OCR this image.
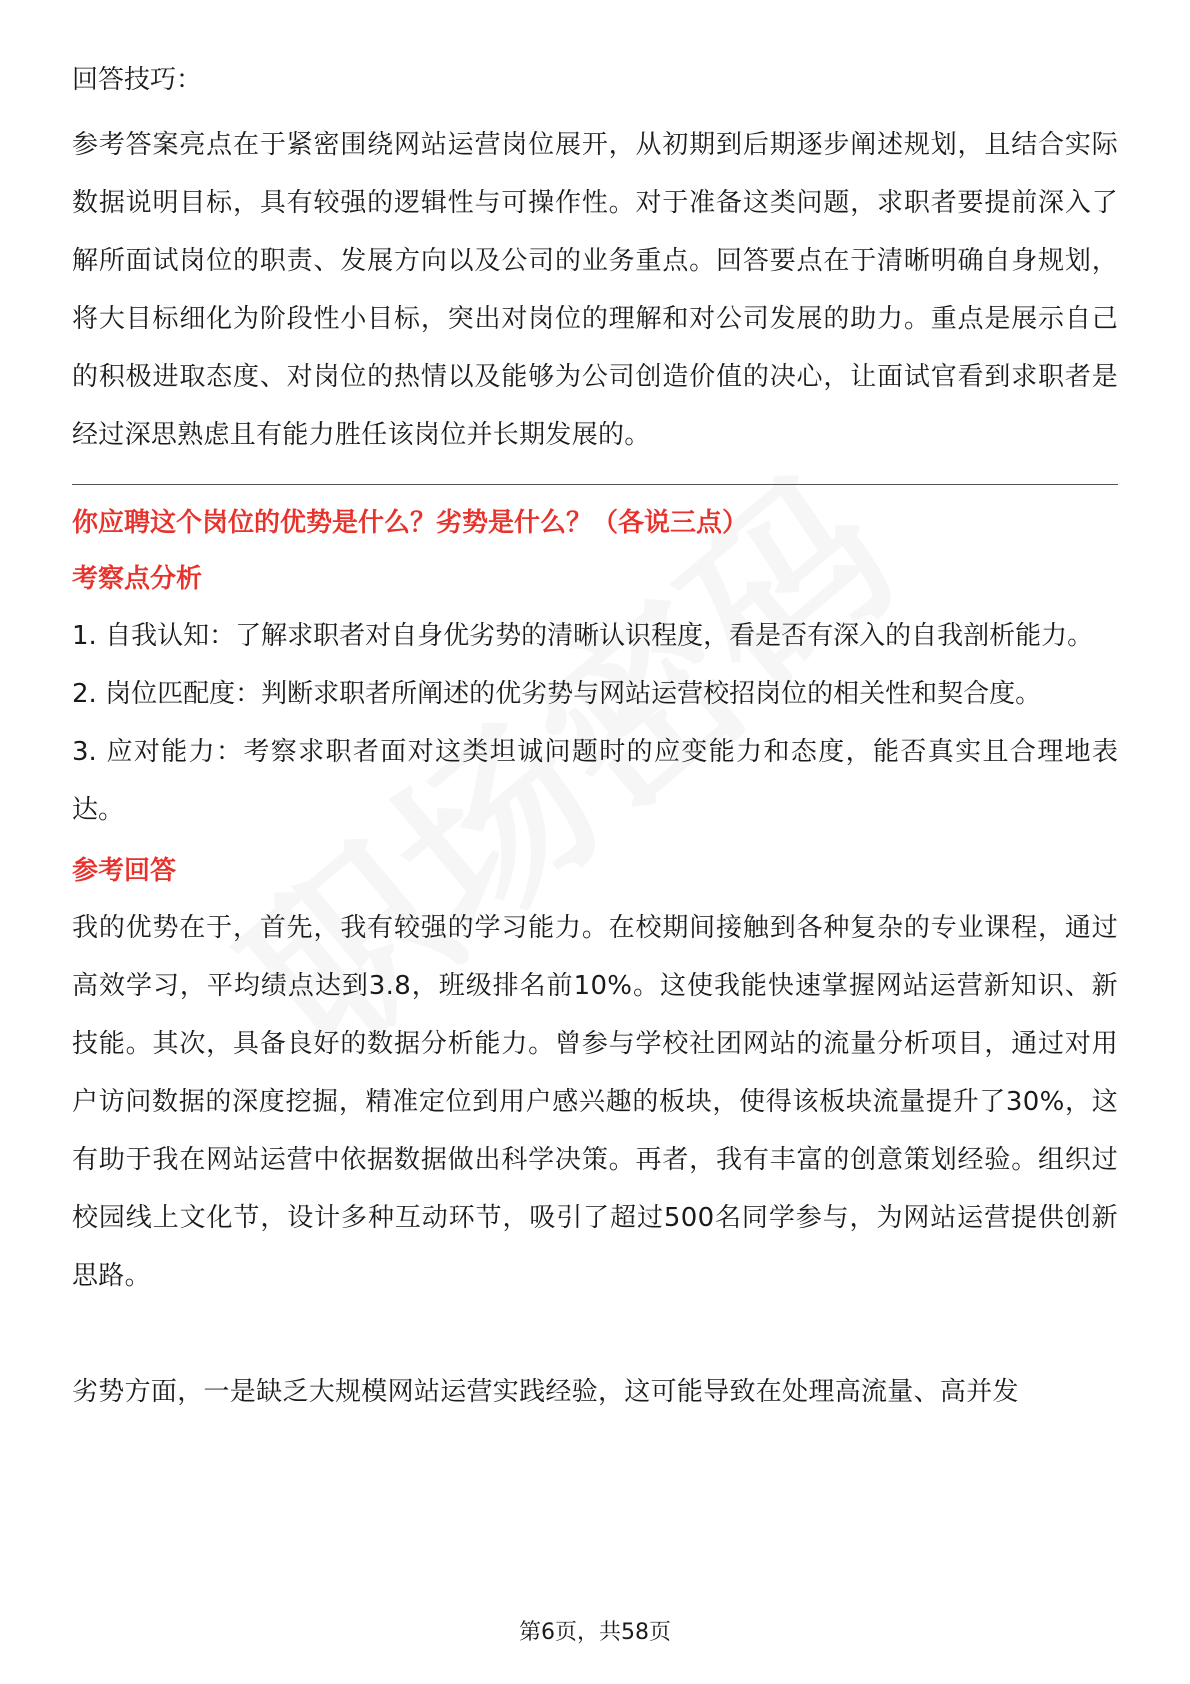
回答技巧：

参考答案亮点在于紧密围绕网站运营岗位展开，从初期到后期逐步阐述规划，且结合实际数据说明目标，具有较强的逻辑性与可操作性。对于准备这类问题，求职者要提前深入了解所面试岗位的职责、发展方向以及公司的业务重点。回答要点在于清晰明确自身规划，将大目标细化为阶段性小目标，突出对岗位的理解和对公司发展的助力。重点是展示自己的积极进取态度、对岗位的热情以及能够为公司创造价值的决心，让面试官看到求职者是经过深思熟虑且有能力胜任该岗位并长期发展的。

你应聘这个岗位的优势是什么？劣势是什么？（各说三点）
考察点分析

1. 自我认知：了解求职者对自身优劣势的清晰认识程度，看是否有深入的自我剖析能力。

2. 岗位匹配度：判断求职者所阐述的优劣势与网站运营校招岗位的相关性和契合度。

3. 应对能力：考察求职者面对这类坦诚问题时的应变能力和态度，能否真实且合理地表达。

参考回答

我的优势在于，首先，我有较强的学习能力。在校期间接触到各种复杂的专业课程，通过高效学习，平均绩点达到3.8，班级排名前10%。这使我能快速掌握网站运营新知识、新技能。其次，具备良好的数据分析能力。曾参与学校社团网站的流量分析项目，通过对用户访问数据的深度挖掘，精准定位到用户感兴趣的板块，使得该板块流量提升了30%，这有助于我在网站运营中依据数据做出科学决策。再者，我有丰富的创意策划经验。组织过校园线上文化节，设计多种互动环节，吸引了超过500名同学参与，为网站运营提供创新思路。

劣势方面，一是缺乏大规模网站运营实践经验，这可能导致在处理高流量、高并发

第6页，共58页
